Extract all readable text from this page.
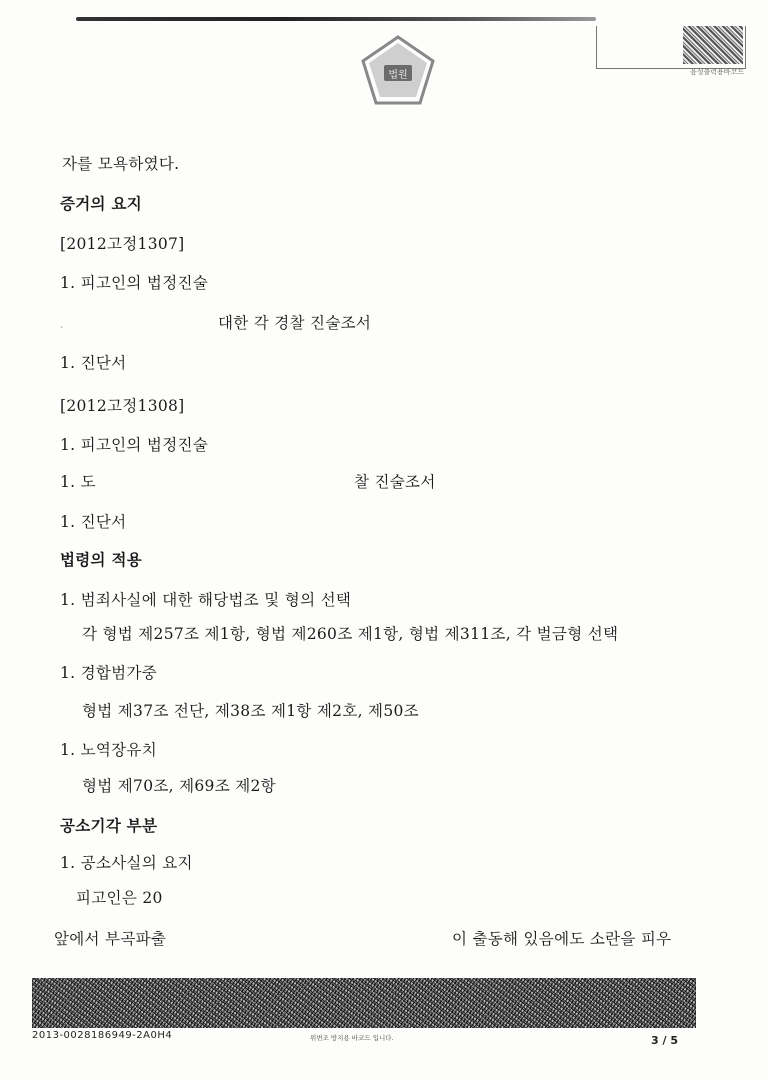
법원	음성출력용바코드
자를 모욕하였다.
증거의 요지
[2012고정1307]
1. 피고인의 법정진술
`	대한 각 경찰 진술조서
1. 진단서
[2012고정1308]
1. 피고인의 법정진술
1. 도	찰 진술조서
1. 진단서
법령의 적용
1. 범죄사실에 대한 해당법조 및 형의 선택
각 형법 제257조 제1항, 형법 제260조 제1항, 형법 제311조, 각 벌금형 선택
1. 경합범가중
형법 제37조 전단, 제38조 제1항 제2호, 제50조
1. 노역장유치
형법 제70조, 제69조 제2항
공소기각 부분
1. 공소사실의 요지
피고인은 20
앞에서 부곡파출	이 출동해 있음에도 소란을 피우
2013-0028186949-2A0H4	위변조 방지용 바코드 입니다.	3 / 5
